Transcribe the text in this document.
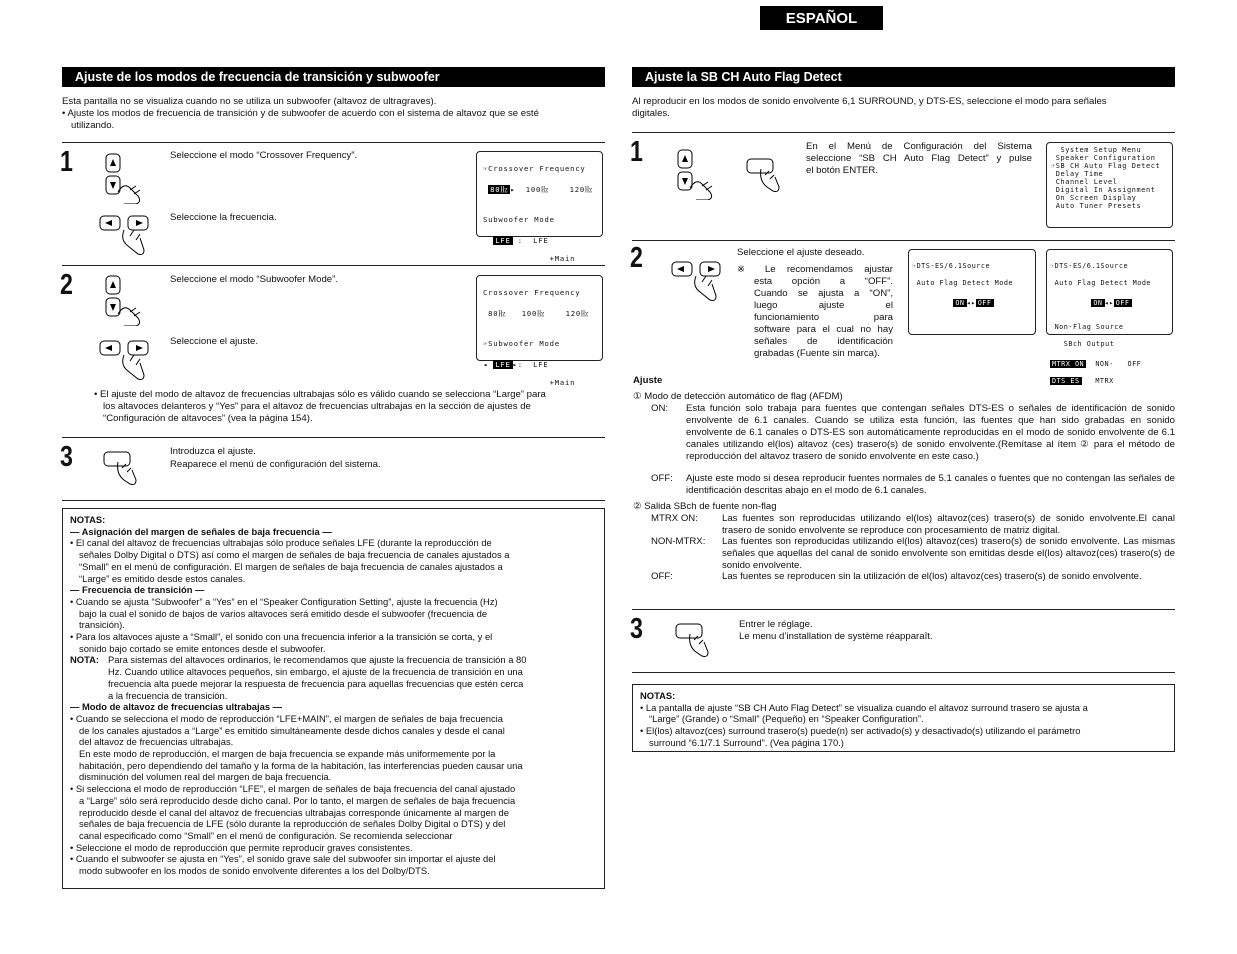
ESPAÑOL
Ajuste de los modos de frecuencia de transición y subwoofer
Esta pantalla no se visualiza cuando no se utiliza un subwoofer (altavoz de ultragraves).
• Ajuste los modos de frecuencia de transición y de subwoofer de acuerdo con el sistema de altavoz que se esté
utilizando.
1	Seleccione el modo “Crossover Frequency”.
Seleccione la frecuencia.

☞Crossover Frequency

80㎐ ▸  100㎐	120㎐

Subwoofer Mode

LFE :  LFE

+Main

2	Seleccione el modo “Subwoofer Mode”.
Seleccione el ajuste.

Crossover Frequency

80㎐ 100㎐	120㎐

☞Subwoofer Mode

◂ LFE ▸:  LFE

+Main

• El ajuste del modo de altavoz de frecuencias ultrabajas sólo es válido cuando se selecciona “Large” para
los altavoces delanteros y “Yes” para el altavoz de frecuencias ultrabajas en la sección de ajustes de
“Configuración de altavoces” (vea la página 154).
3	Introduzca el ajuste.
Reaparece el menú de configuración del sistema.

NOTAS:

— Asignación del margen de señales de baja frecuencia —

• El canal del altavoz de frecuencias ultrabajas sólo produce señales LFE (durante la reproducción de
señales Dolby Digital o DTS) así como el margen de señales de baja frecuencia de canales ajustados a
“Small” en el menú de configuración. El margen de señales de baja frecuencia de canales ajustados a
“Large” es emitido desde estos canales.

— Frecuencia de transición —

• Cuando se ajusta “Subwoofer” a “Yes” en el “Speaker Configuration Setting”, ajuste la frecuencia (Hz)
bajo la cual el sonido de bajos de varios altavoces será emitido desde el subwoofer (frecuencia de
transición).
• Para los altavoces ajuste a “Small”, el sonido con una frecuencia inferior a la transición se corta, y el
sonido bajo cortado se emite entonces desde el subwoofer.
NOTA: Para sistemas del altavoces ordinarios, le recomendamos que ajuste la frecuencia de transición a 80
Hz. Cuando utilice altavoces pequeños, sin embargo, el ajuste de la frecuencia de transición en una
frecuencia alta puede mejorar la respuesta de frecuencia para aquellas frecuencias que estén cerca
a la frecuencia de transición.

— Modo de altavoz de frecuencias ultrabajas —

• Cuando se selecciona el modo de reproducción “LFE+MAIN”, el margen de señales de baja frecuencia
de los canales ajustados a “Large” es emitido simultáneamente desde dichos canales y desde el canal
del altavoz de frecuencias ultrabajas.
En este modo de reproducción, el margen de baja frecuencia se expande más uniformemente por la
habitación, pero dependiendo del tamaño y la forma de la habitación, las interferencias pueden causar una
disminución del volumen real del margen de baja frecuencia.
• Si selecciona el modo de reproducción “LFE”, el margen de señales de baja frecuencia del canal ajustado
a “Large” sólo será reproducido desde dicho canal. Por lo tanto, el margen de señales de baja frecuencia
reproducido desde el canal del altavoz de frecuencias ultrabajas corresponde únicamente al margen de
señales de baja frecuencia de LFE (sólo durante la reproducción de señales Dolby Digital o DTS) y del
canal especificado como “Small” en el menú de configuración. Se recomienda seleccionar
• Seleccione el modo de reproducción que permite reproducir graves consistentes.
• Cuando el subwoofer se ajusta en “Yes”, el sonido grave sale del subwoofer sin importar el ajuste del
modo subwoofer en los modos de sonido envolvente diferentes a los del Dolby/DTS.
Ajuste la SB CH Auto Flag Detect
Al reproducir en los modos de sonido envolvente 6,1 SURROUND, y DTS-ES, seleccione el modo para señales
digitales.
1	En el Menú de Configuración del Sistema
seleccione “SB CH Auto Flag Detect” y pulse
el botón ENTER.
System Setup Menu
Speaker Configuration
☞SB CH Auto Flag Detect
Delay Time
Channel Level
Digital In Assignment
On Screen Display
Auto Tuner Presets
2	Seleccione el ajuste deseado.
※ Le recomendamos ajustar
esta opción a “OFF”.
Cuando se ajusta a “ON”,
luego ajuste el
funcionamiento para
software para el cual no hay
señales de identificación
grabadas (Fuente sin marca).

☞DTS-ES/6.1Source

Auto Flag Detect Mode

ON ◂▸ OFF

☞DTS-ES/6.1Source

Auto Flag Detect Mode

ON ◂▸ OFF

Non-Flag Source

SBch Output

MTRX ON NON-   OFF

DTS ES MTRX

Ajuste
① Modo de detección automático de flag (AFDM)
ON:	Esta función solo trabaja para fuentes que contengan señales DTS-ES o señales de identificación de sonido envolvente de 6.1 canales. Cuando se utiliza esta función, las fuentes que han sido grabadas en sonido envolvente de 6.1 canales o DTS-ES son automáticamente reproducidas en el modo de sonido envolvente de 6.1 canales utilizando el(los) altavoz (ces) trasero(s) de sonido envolvente.(Remítase al ítem ② para el método de reproducción del altavoz trasero de sonido envolvente en este caso.)
OFF:	Ajuste este modo si desea reproducir fuentes normales de 5.1 canales o fuentes que no contengan las señales de identificación descritas abajo en el modo de 6.1 canales.
② Salida SBch de fuente non-flag
MTRX ON:	Las fuentes son reproducidas utilizando el(los) altavoz(ces) trasero(s) de sonido envolvente.El canal trasero de sonido envolvente se reproduce con procesamiento de matriz digital.
NON-MTRX:	Las fuentes son reproducidas utilizando el(los) altavoz(ces) trasero(s) de sonido envolvente. Las mismas señales que aquellas del canal de sonido envolvente son emitidas desde el(los) altavoz(ces) trasero(s) de sonido envolvente.
OFF:	Las fuentes se reproducen sin la utilización de el(los) altavoz(ces) trasero(s) de sonido envolvente.
3	Entrer le réglage.
Le menu d’installation de système réapparaît.

NOTAS:

• La pantalla de ajuste “SB CH Auto Flag Detect” se visualiza cuando el altavoz surround trasero se ajusta a
“Large” (Grande) o “Small” (Pequeño) en “Speaker Configuration”.
• El(los) altavoz(ces) surround trasero(s) puede(n) ser activado(s) y desactivado(s) utilizando el parámetro
surround “6.1/7.1 Surround”. (Vea página 170.)
